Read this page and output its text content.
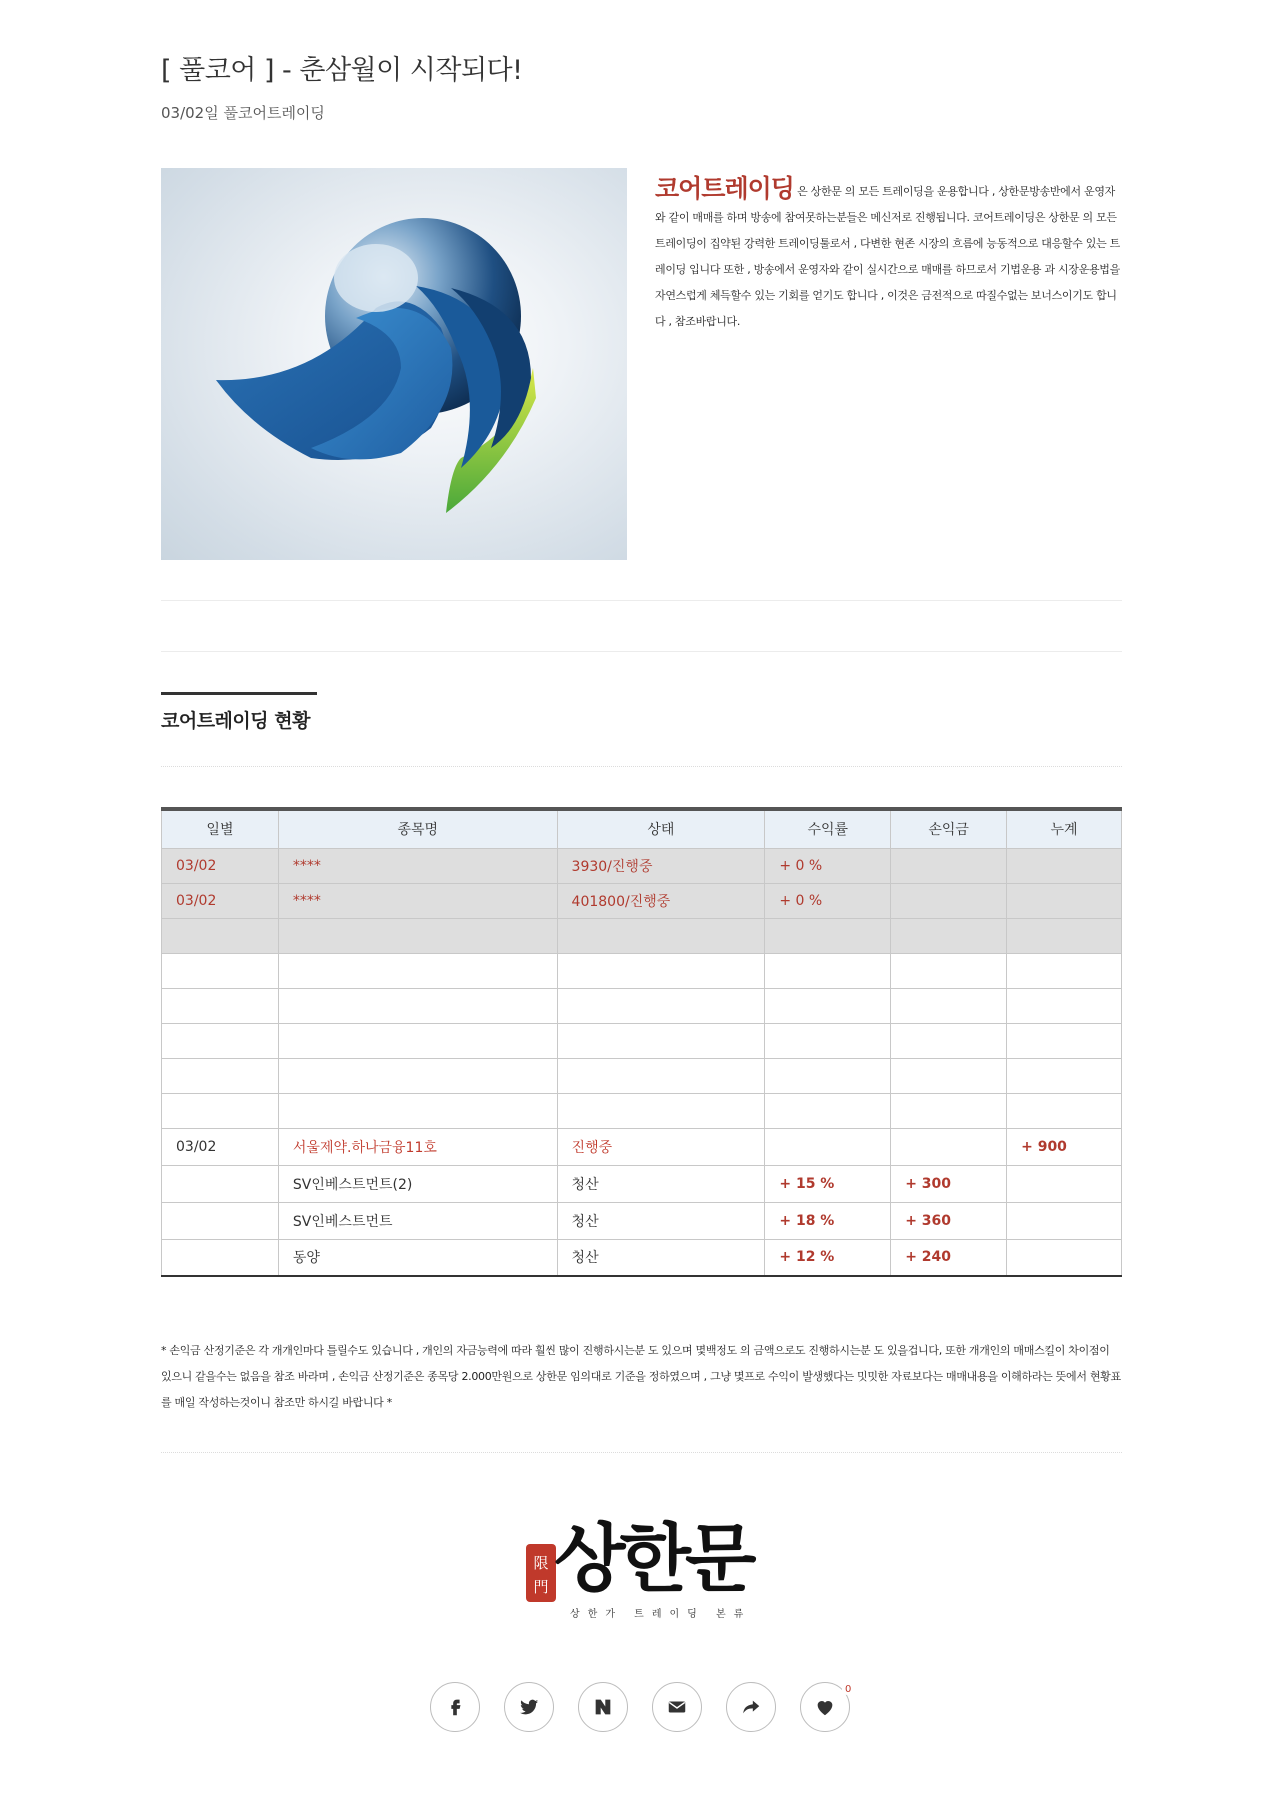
[ 풀코어 ] - 춘삼월이 시작되다!
03/02일 풀코어트레이딩
코어트레이딩 은 상한문 의 모든 트레이딩을 운용합니다 , 상한문방송반에서 운영자와 같이 매매를 하며 방송에 참여못하는분들은 메신저로 진행됩니다. 코어트레이딩은 상한문 의 모든 트레이딩이 집약된 강력한 트레이딩툴로서 , 다변한 현존 시장의 흐름에 능동적으로 대응할수 있는 트레이딩 입니다 또한 , 방송에서 운영자와 같이 실시간으로 매매를 하므로서 기법운용 과 시장운용법을 자연스럽게 체득할수 있는 기회를 얻기도 합니다 , 이것은 금전적으로 따질수없는 보너스이기도 합니다 , 참조바랍니다.
코어트레이딩 현황
일별	종목명	상태	수익률	손익금	누계
03/02	****	3930/진행중	+ 0 %		
03/02	****	401800/진행중	+ 0 %		

03/02	서울제약.하나금융11호	진행중			+ 900
	SV인베스트먼트(2)	청산	+ 15 %	+ 300	
	SV인베스트먼트	청산	+ 18 %	+ 360	
	동양	청산	+ 12 %	+ 240	
* 손익금 산정기준은 각 개개인마다 틀릴수도 있습니다 , 개인의 자금능력에 따라 훨씬 많이 진행하시는분 도 있으며 몇백정도 의 금액으로도 진행하시는분 도 있을겁니다, 또한 개개인의 매매스킬이 차이점이 있으니 같을수는 없음을 참조 바라며 , 손익금 산정기준은 종목당 2.000만원으로 상한문 임의대로 기준을 정하였으며 , 그냥 몇프로 수익이 발생했다는 밋밋한 자료보다는 매매내용을 이해하라는 뜻에서 현황표를 매일 작성하는것이니 참조만 하시길 바랍니다 *
限
門 상한문
상한가 트레이딩 본류
0
